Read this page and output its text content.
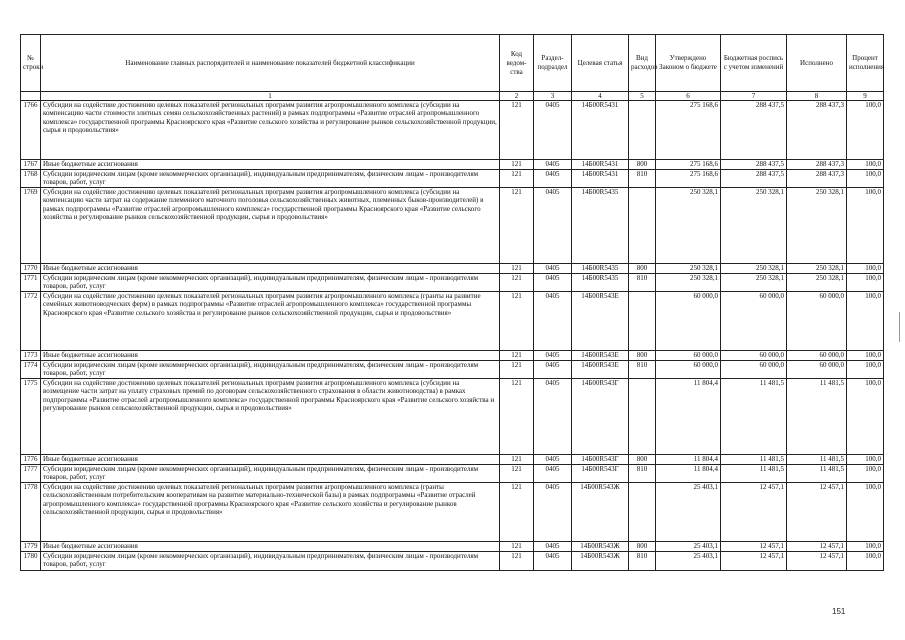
№ строки	Наименование главных распорядителей и наименование показателей бюджетной классификации	Код ведом-ства	Раздел-подраздел	Целевая статья	Вид расходов	Утверждено Законом о бюджете	Бюджетная роспись с учетом изменений	Исполнено	Процент исполнения
	1	2	3	4	5	6	7	8	9
1766	Субсидии на содействие достижению целевых показателей региональных программ развития агропромышленного комплекса (субсидии на компенсацию части стоимости элитных семян сельскохозяйственных растений) в рамках подпрограммы «Развитие отраслей агропромышленного комплекса» государственной программы Красноярского края «Развитие сельского хозяйства и регулирование рынков сельскохозяйственной продукции, сырья и продовольствия»	121	0405	14Б00R5431		275 168,6	288 437,5	288 437,3	100,0
1767	Иные бюджетные ассигнования	121	0405	14Б00R5431	800	275 168,6	288 437,5	288 437,3	100,0
1768	Субсидии юридическим лицам (кроме некоммерческих организаций), индивидуальным предпринимателям, физическим лицам - производителям товаров, работ, услуг	121	0405	14Б00R5431	810	275 168,6	288 437,5	288 437,3	100,0
1769	Субсидии на содействие достижению целевых показателей региональных программ развития агропромышленного комплекса (субсидии на компенсацию части затрат на содержание племенного маточного поголовья сельскохозяйственных животных, племенных быков-производителей) в рамках подпрограммы «Развитие отраслей агропромышленного комплекса» государственной программы Красноярского края «Развитие сельского хозяйства и регулирование рынков сельскохозяйственной продукции, сырья и продовольствия»	121	0405	14Б00R5435		250 328,1	250 328,1	250 328,1	100,0
1770	Иные бюджетные ассигнования	121	0405	14Б00R5435	800	250 328,1	250 328,1	250 328,1	100,0
1771	Субсидии юридическим лицам (кроме некоммерческих организаций), индивидуальным предпринимателям, физическим лицам - производителям товаров, работ, услуг	121	0405	14Б00R5435	810	250 328,1	250 328,1	250 328,1	100,0
1772	Субсидии на содействие достижению целевых показателей региональных программ развития агропромышленного комплекса (гранты на развитие семейных животноводческих ферм) в рамках подпрограммы «Развитие отраслей агропромышленного комплекса» государственной программы Красноярского края «Развитие сельского хозяйства и регулирование рынков сельскохозяйственной продукции, сырья и продовольствия»	121	0405	14Б00R543Е		60 000,0	60 000,0	60 000,0	100,0
1773	Иные бюджетные ассигнования	121	0405	14Б00R543Е	800	60 000,0	60 000,0	60 000,0	100,0
1774	Субсидии юридическим лицам (кроме некоммерческих организаций), индивидуальным предпринимателям, физическим лицам - производителям товаров, работ, услуг	121	0405	14Б00R543Е	810	60 000,0	60 000,0	60 000,0	100,0
1775	Субсидии на содействие достижению целевых показателей региональных программ развития агропромышленного комплекса (субсидии на возмещение части затрат на уплату страховых премий по договорам сельскохозяйственного страхования в области животноводства) в рамках подпрограммы «Развитие отраслей агропромышленного комплекса» государственной программы Красноярского края «Развитие сельского хозяйства и регулирование рынков сельскохозяйственной продукции, сырья и продовольствия»	121	0405	14Б00R543Г		11 804,4	11 481,5	11 481,5	100,0
1776	Иные бюджетные ассигнования	121	0405	14Б00R543Г	800	11 804,4	11 481,5	11 481,5	100,0
1777	Субсидии юридическим лицам (кроме некоммерческих организаций), индивидуальным предпринимателям, физическим лицам - производителям товаров, работ, услуг	121	0405	14Б00R543Г	810	11 804,4	11 481,5	11 481,5	100,0
1778	Субсидии на содействие достижению целевых показателей региональных программ развития агропромышленного комплекса (гранты сельскохозяйственным потребительским кооперативам на развитие материально-технической базы) в рамках подпрограммы «Развитие отраслей агропромышленного комплекса» государственной программы Красноярского края «Развитие сельского хозяйства и регулирование рынков сельскохозяйственной продукции, сырья и продовольствия»	121	0405	14Б00R543Ж		25 403,1	12 457,1	12 457,1	100,0
1779	Иные бюджетные ассигнования	121	0405	14Б00R543Ж	800	25 403,1	12 457,1	12 457,1	100,0
1780	Субсидии юридическим лицам (кроме некоммерческих организаций), индивидуальным предпринимателям, физическим лицам - производителям товаров, работ, услуг	121	0405	14Б00R543Ж	810	25 403,1	12 457,1	12 457,1	100,0
151
